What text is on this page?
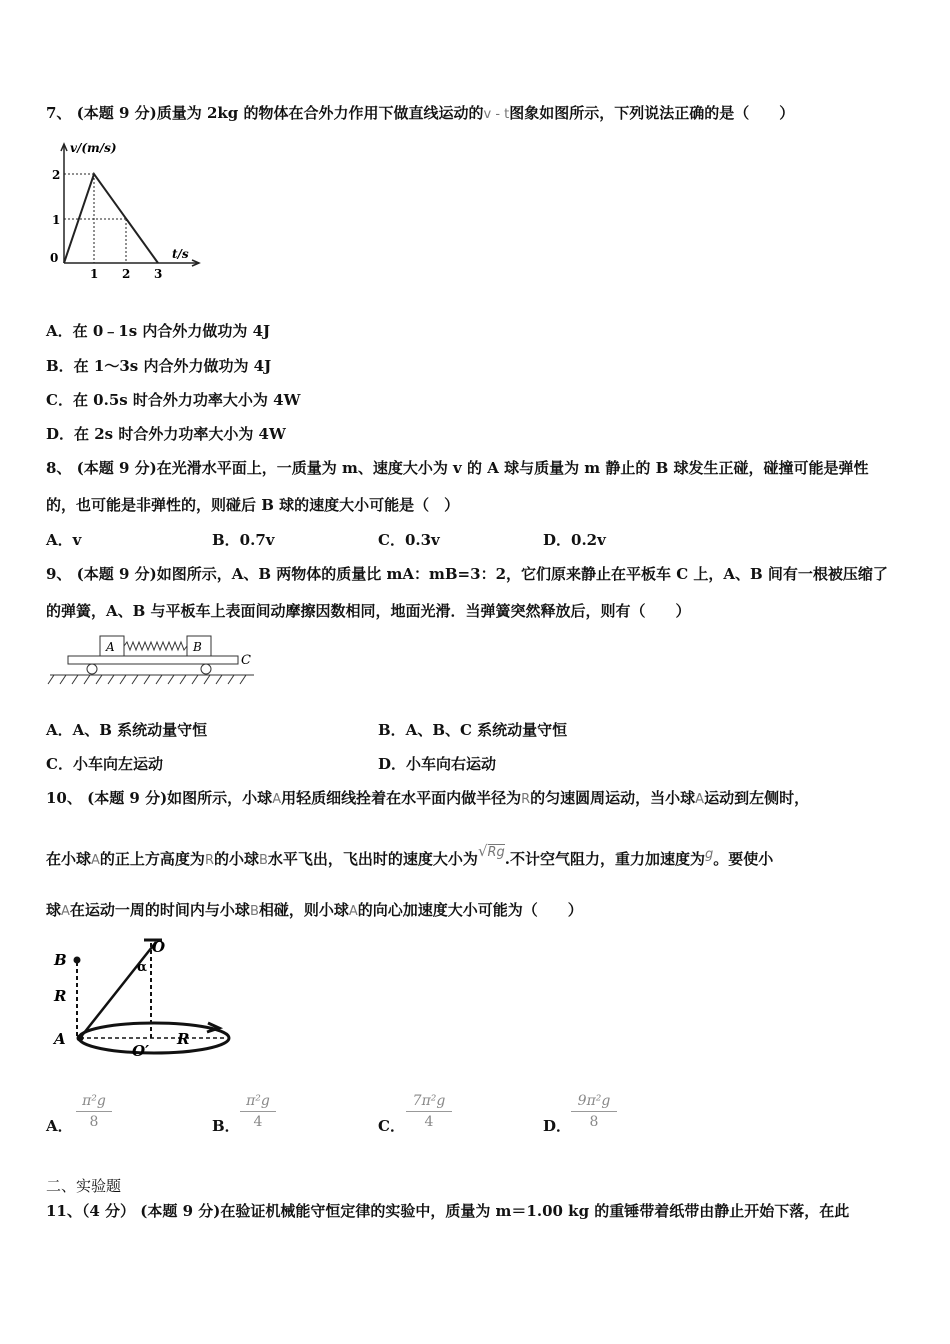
7、 (本题 9 分)质量为 2kg 的物体在合外力作用下做直线运动的v - t图象如图所示，下列说法正确的是（　　）
v/(m/s)
t/s
0
1
2
1 2 3
A．在 0﹣1s 内合外力做功为 4J
B．在 1～3s 内合外力做功为 4J
C．在 0.5s 时合外力功率大小为 4W
D．在 2s 时合外力功率大小为 4W
8、 (本题 9 分)在光滑水平面上，一质量为 m、速度大小为 v 的 A 球与质量为 m 静止的 B 球发生正碰，碰撞可能是弹性
的，也可能是非弹性的，则碰后 B 球的速度大小可能是（　）
A．v	B．0.7v	C．0.3v	D．0.2v
9、 (本题 9 分)如图所示，A、B 两物体的质量比 mA：mB=3：2，它们原来静止在平板车 C 上，A、B 间有一根被压缩了
的弹簧，A、B 与平板车上表面间动摩擦因数相同，地面光滑．当弹簧突然释放后，则有（　　）
A	B
C
A．A、B 系统动量守恒	B．A、B、C 系统动量守恒
C．小车向左运动	D．小车向右运动
10、 (本题 9 分)如图所示，小球A用轻质细线拴着在水平面内做半径为R的匀速圆周运动，当小球A运动到左侧时，
在小球A的正上方高度为R的小球B水平飞出，飞出时的速度大小为√Rg.不计空气阻力，重力加速度为g。要使小
球A在运动一周的时间内与小球B相碰，则小球A的向心加速度大小可能为（　　）
B
O
α
R
A
O′
R
A． $\frac{\text{π²g}}{8}$	B． $\frac{\text{π²g}}{4}$	C． $\frac{\text{7π²g}}{4}$	D． $\frac{\text{9π²g}}{8}$
二、实验题
11、（4 分） (本题 9 分)在验证机械能守恒定律的实验中，质量为 m＝1.00 kg 的重锤带着纸带由静止开始下落，在此
